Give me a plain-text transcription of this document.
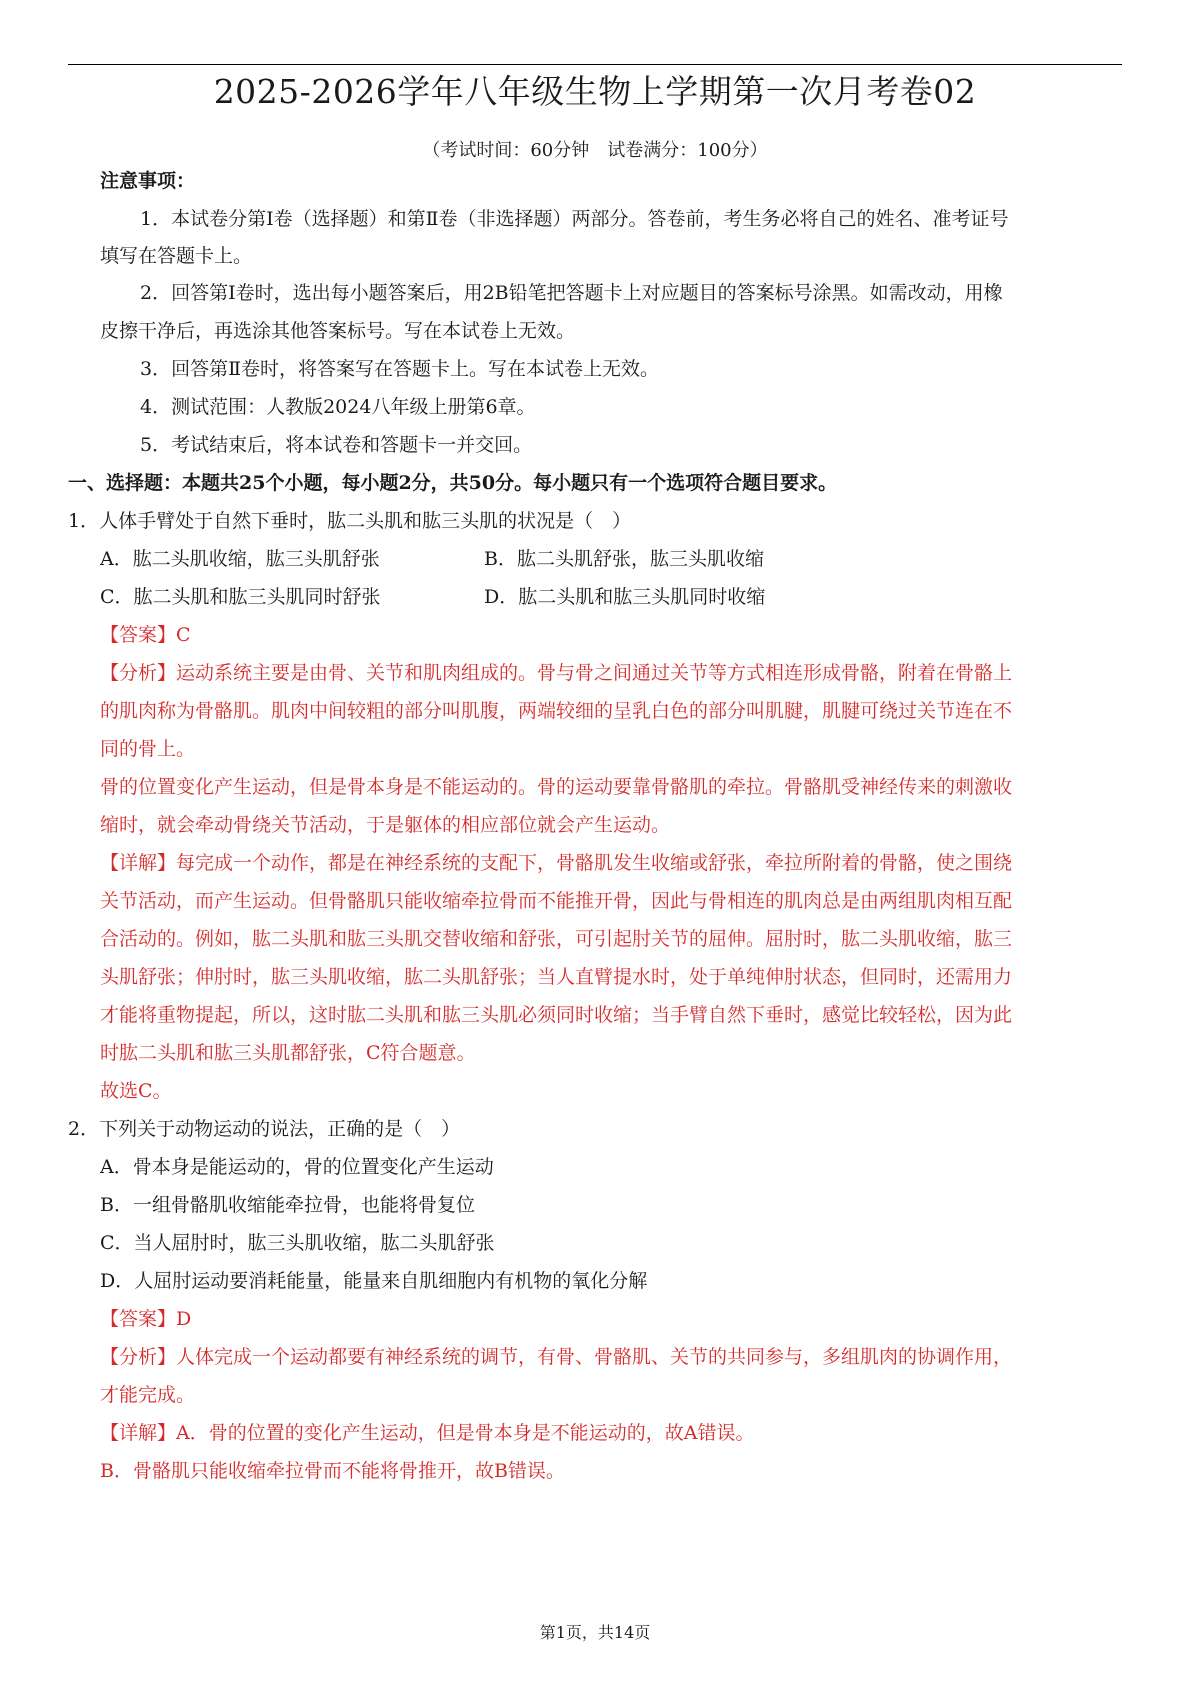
2025-2026学年八年级生物上学期第一次月考卷02
（考试时间：60分钟　试卷满分：100分）
注意事项：
1．本试卷分第Ⅰ卷（选择题）和第Ⅱ卷（非选择题）两部分。答卷前，考生务必将自己的姓名、准考证号
填写在答题卡上。
2．回答第Ⅰ卷时，选出每小题答案后，用2B铅笔把答题卡上对应题目的答案标号涂黑。如需改动，用橡
皮擦干净后，再选涂其他答案标号。写在本试卷上无效。
3．回答第Ⅱ卷时，将答案写在答题卡上。写在本试卷上无效。
4．测试范围：人教版2024八年级上册第6章。
5．考试结束后，将本试卷和答题卡一并交回。
一、选择题：本题共25个小题，每小题2分，共50分。每小题只有一个选项符合题目要求。
1．人体手臂处于自然下垂时，肱二头肌和肱三头肌的状况是（　）
A．肱二头肌收缩，肱三头肌舒张	B．肱二头肌舒张，肱三头肌收缩
C．肱二头肌和肱三头肌同时舒张	D．肱二头肌和肱三头肌同时收缩
【答案】C
【分析】运动系统主要是由骨、关节和肌肉组成的。骨与骨之间通过关节等方式相连形成骨骼，附着在骨骼上
的肌肉称为骨骼肌。肌肉中间较粗的部分叫肌腹，两端较细的呈乳白色的部分叫肌腱，肌腱可绕过关节连在不
同的骨上。
骨的位置变化产生运动，但是骨本身是不能运动的。骨的运动要靠骨骼肌的牵拉。骨骼肌受神经传来的刺激收
缩时，就会牵动骨绕关节活动，于是躯体的相应部位就会产生运动。
【详解】每完成一个动作，都是在神经系统的支配下，骨骼肌发生收缩或舒张，牵拉所附着的骨骼，使之围绕
关节活动，而产生运动。但骨骼肌只能收缩牵拉骨而不能推开骨，因此与骨相连的肌肉总是由两组肌肉相互配
合活动的。例如，肱二头肌和肱三头肌交替收缩和舒张，可引起肘关节的屈伸。屈肘时，肱二头肌收缩，肱三
头肌舒张；伸肘时，肱三头肌收缩，肱二头肌舒张；当人直臂提水时，处于单纯伸肘状态，但同时，还需用力
才能将重物提起，所以，这时肱二头肌和肱三头肌必须同时收缩；当手臂自然下垂时，感觉比较轻松，因为此
时肱二头肌和肱三头肌都舒张，C符合题意。
故选C。
2．下列关于动物运动的说法，正确的是（　）
A．骨本身是能运动的，骨的位置变化产生运动
B．一组骨骼肌收缩能牵拉骨，也能将骨复位
C．当人屈肘时，肱三头肌收缩，肱二头肌舒张
D．人屈肘运动要消耗能量，能量来自肌细胞内有机物的氧化分解
【答案】D
【分析】人体完成一个运动都要有神经系统的调节，有骨、骨骼肌、关节的共同参与，多组肌肉的协调作用，
才能完成。
【详解】A．骨的位置的变化产生运动，但是骨本身是不能运动的，故A错误。
B．骨骼肌只能收缩牵拉骨而不能将骨推开，故B错误。
第1页，共14页
